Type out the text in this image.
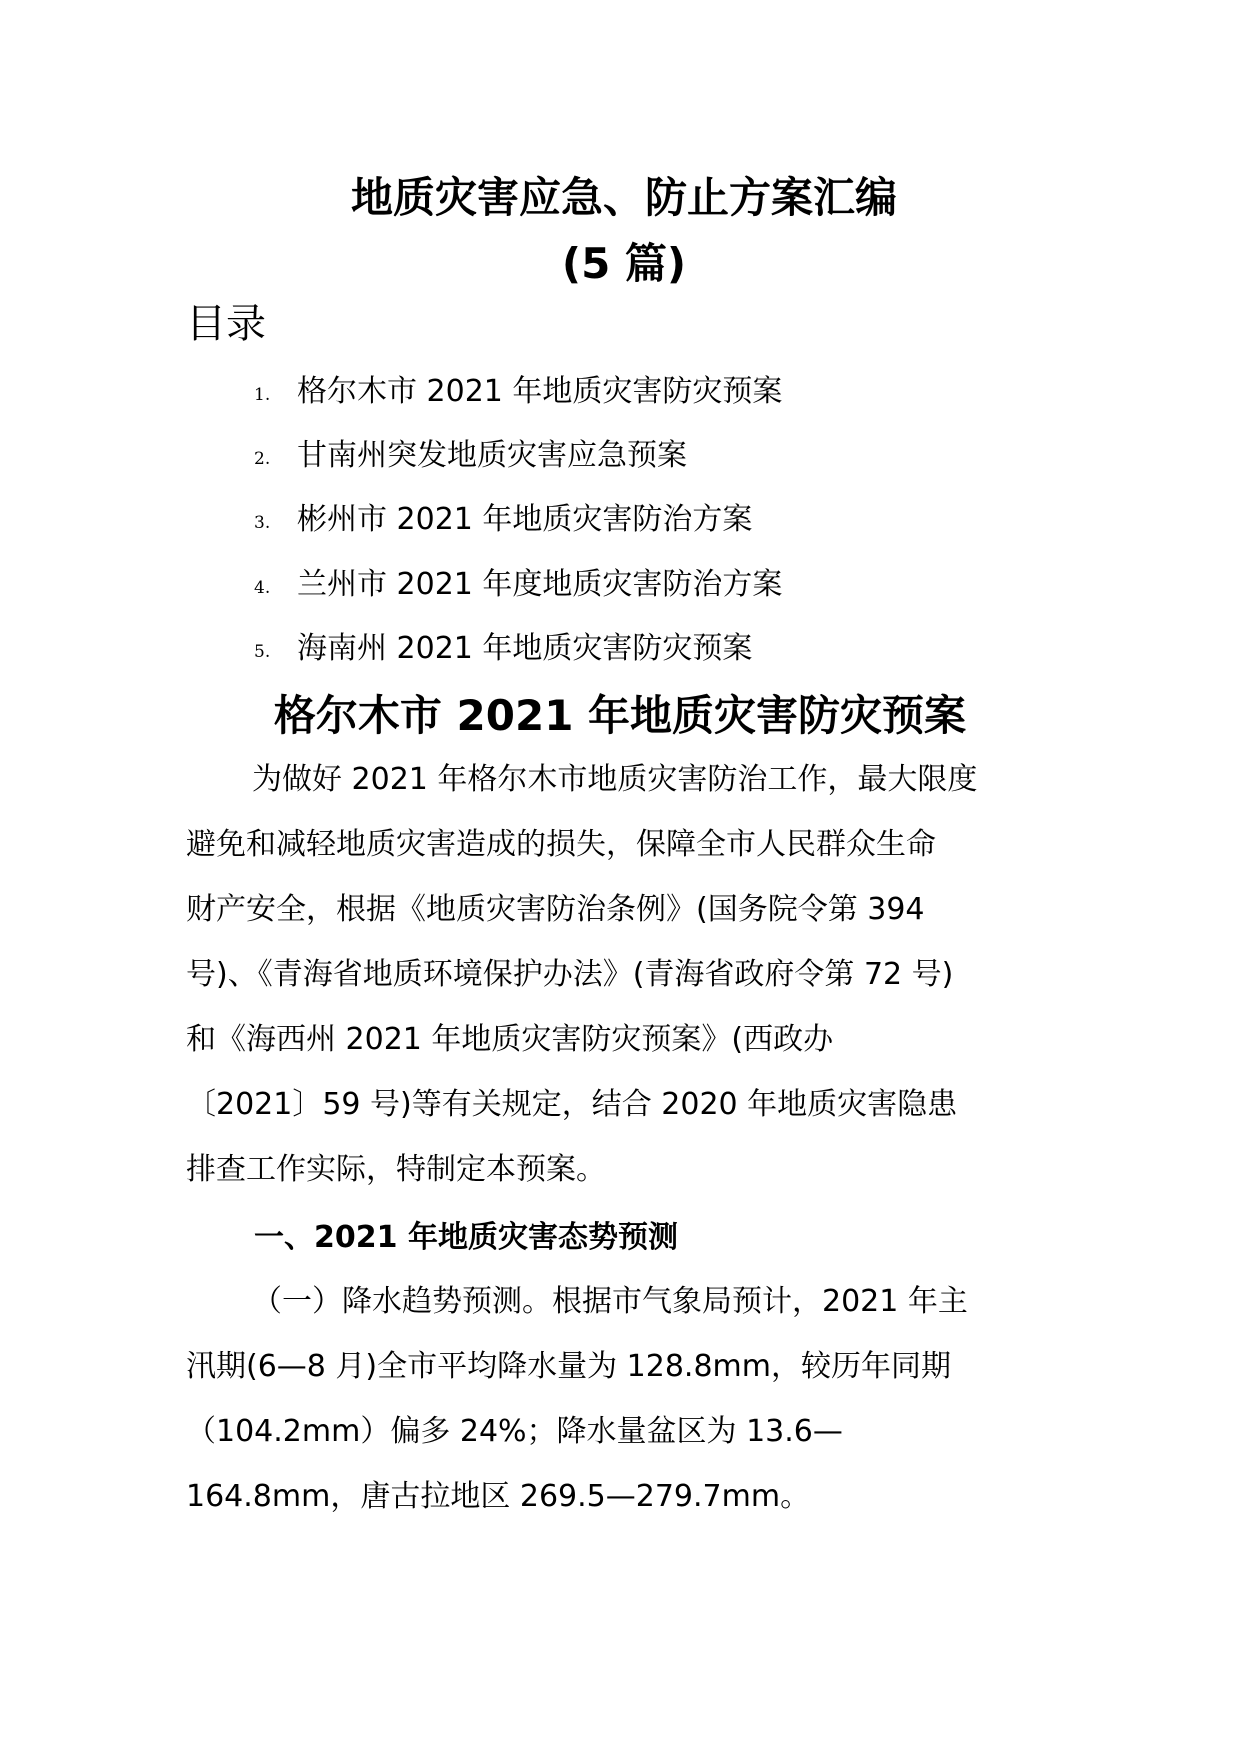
地质灾害应急、防止方案汇编
(5 篇)
目录
1. 格尔木市 2021 年地质灾害防灾预案
2. 甘南州突发地质灾害应急预案
3. 彬州市 2021 年地质灾害防治方案
4. 兰州市 2021 年度地质灾害防治方案
5. 海南州 2021 年地质灾害防灾预案
格尔木市 2021 年地质灾害防灾预案

为做好 2021 年格尔木市地质灾害防治工作，最大限度

避免和减轻地质灾害造成的损失，保障全市人民群众生命

财产安全，根据《地质灾害防治条例》(国务院令第 394

号)、《青海省地质环境保护办法》(青海省政府令第 72 号)

和《海西州 2021 年地质灾害防灾预案》(西政办

〔2021〕59 号)等有关规定，结合 2020 年地质灾害隐患

排查工作实际，特制定本预案。

一、2021 年地质灾害态势预测

（一）降水趋势预测。根据市气象局预计，2021 年主

汛期(6—8 月)全市平均降水量为 128.8mm，较历年同期

（104.2mm）偏多 24%；降水量盆区为 13.6—

164.8mm，唐古拉地区 269.5—279.7mm。
